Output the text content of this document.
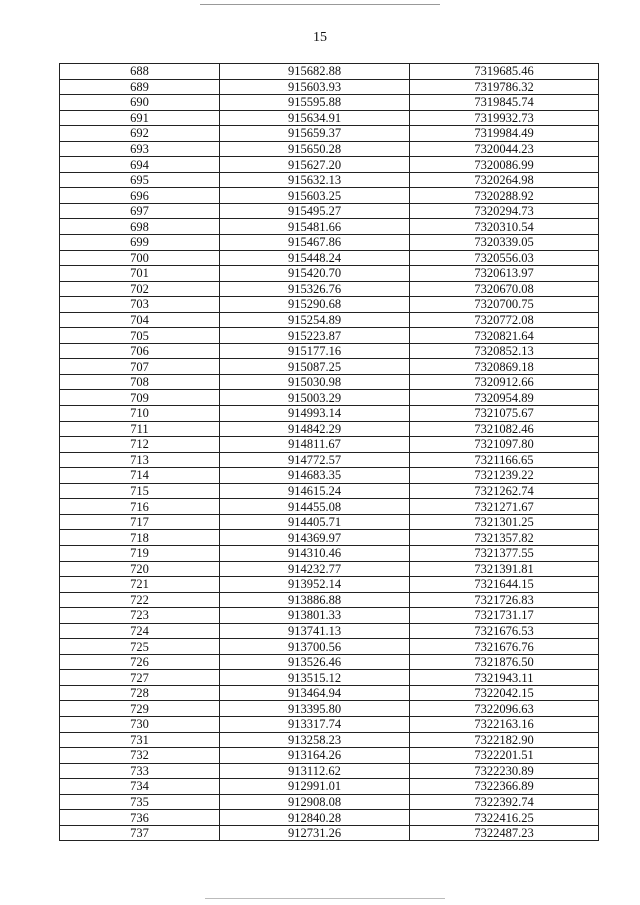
15
688	915682.88	7319685.46
689	915603.93	7319786.32
690	915595.88	7319845.74
691	915634.91	7319932.73
692	915659.37	7319984.49
693	915650.28	7320044.23
694	915627.20	7320086.99
695	915632.13	7320264.98
696	915603.25	7320288.92
697	915495.27	7320294.73
698	915481.66	7320310.54
699	915467.86	7320339.05
700	915448.24	7320556.03
701	915420.70	7320613.97
702	915326.76	7320670.08
703	915290.68	7320700.75
704	915254.89	7320772.08
705	915223.87	7320821.64
706	915177.16	7320852.13
707	915087.25	7320869.18
708	915030.98	7320912.66
709	915003.29	7320954.89
710	914993.14	7321075.67
711	914842.29	7321082.46
712	914811.67	7321097.80
713	914772.57	7321166.65
714	914683.35	7321239.22
715	914615.24	7321262.74
716	914455.08	7321271.67
717	914405.71	7321301.25
718	914369.97	7321357.82
719	914310.46	7321377.55
720	914232.77	7321391.81
721	913952.14	7321644.15
722	913886.88	7321726.83
723	913801.33	7321731.17
724	913741.13	7321676.53
725	913700.56	7321676.76
726	913526.46	7321876.50
727	913515.12	7321943.11
728	913464.94	7322042.15
729	913395.80	7322096.63
730	913317.74	7322163.16
731	913258.23	7322182.90
732	913164.26	7322201.51
733	913112.62	7322230.89
734	912991.01	7322366.89
735	912908.08	7322392.74
736	912840.28	7322416.25
737	912731.26	7322487.23
